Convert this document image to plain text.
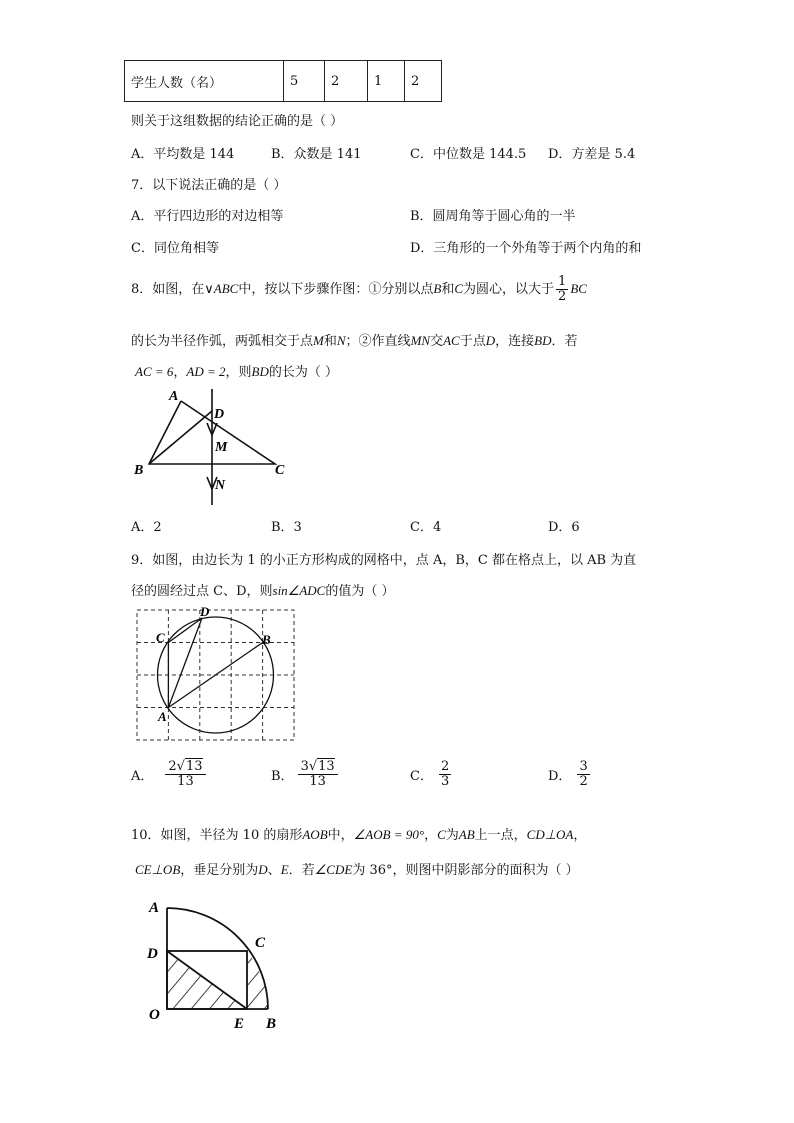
学生人数（名）	5	2	1	2
则关于这组数据的结论正确的是（ ）
A．平均数是 144	B．众数是 141	C．中位数是 144.5 D．方差是 5.4
7．以下说法正确的是（ ）
A．平行四边形的对边相等	B．圆周角等于圆心角的一半
C．同位角相等	D．三角形的一个外角等于两个内角的和
8．如图，在∨ABC中，按以下步骤作图：①分别以点B和C为圆心，以大于 $\frac{1}{2}$ BC
的长为半径作弧，两弧相交于点M和N；②作直线MN交AC于点D，连接BD．若
AC = 6，AD = 2，则BD的长为（ ）
A
D
M
B	C
N
A．2	B．3	C．4	D．6
9．如图，由边长为 1 的小正方形构成的网格中，点 A，B，C 都在格点上，以 AB 为直
径的圆经过点 C、D，则sin∠ADC的值为（ ）
D
C	B
A
A． $\frac{2√13}{13}$	B． $\frac{3√13}{13}$	C． $\frac{2}{3}$	D． $\frac{3}{2}$
10．如图，半径为 10 的扇形AOB中，∠AOB = 90°，C为AB上一点，CD⊥OA，
CE⊥OB，垂足分别为D、E．若∠CDE为 36°，则图中阴影部分的面积为（ ）
A
C
D
O
E B
